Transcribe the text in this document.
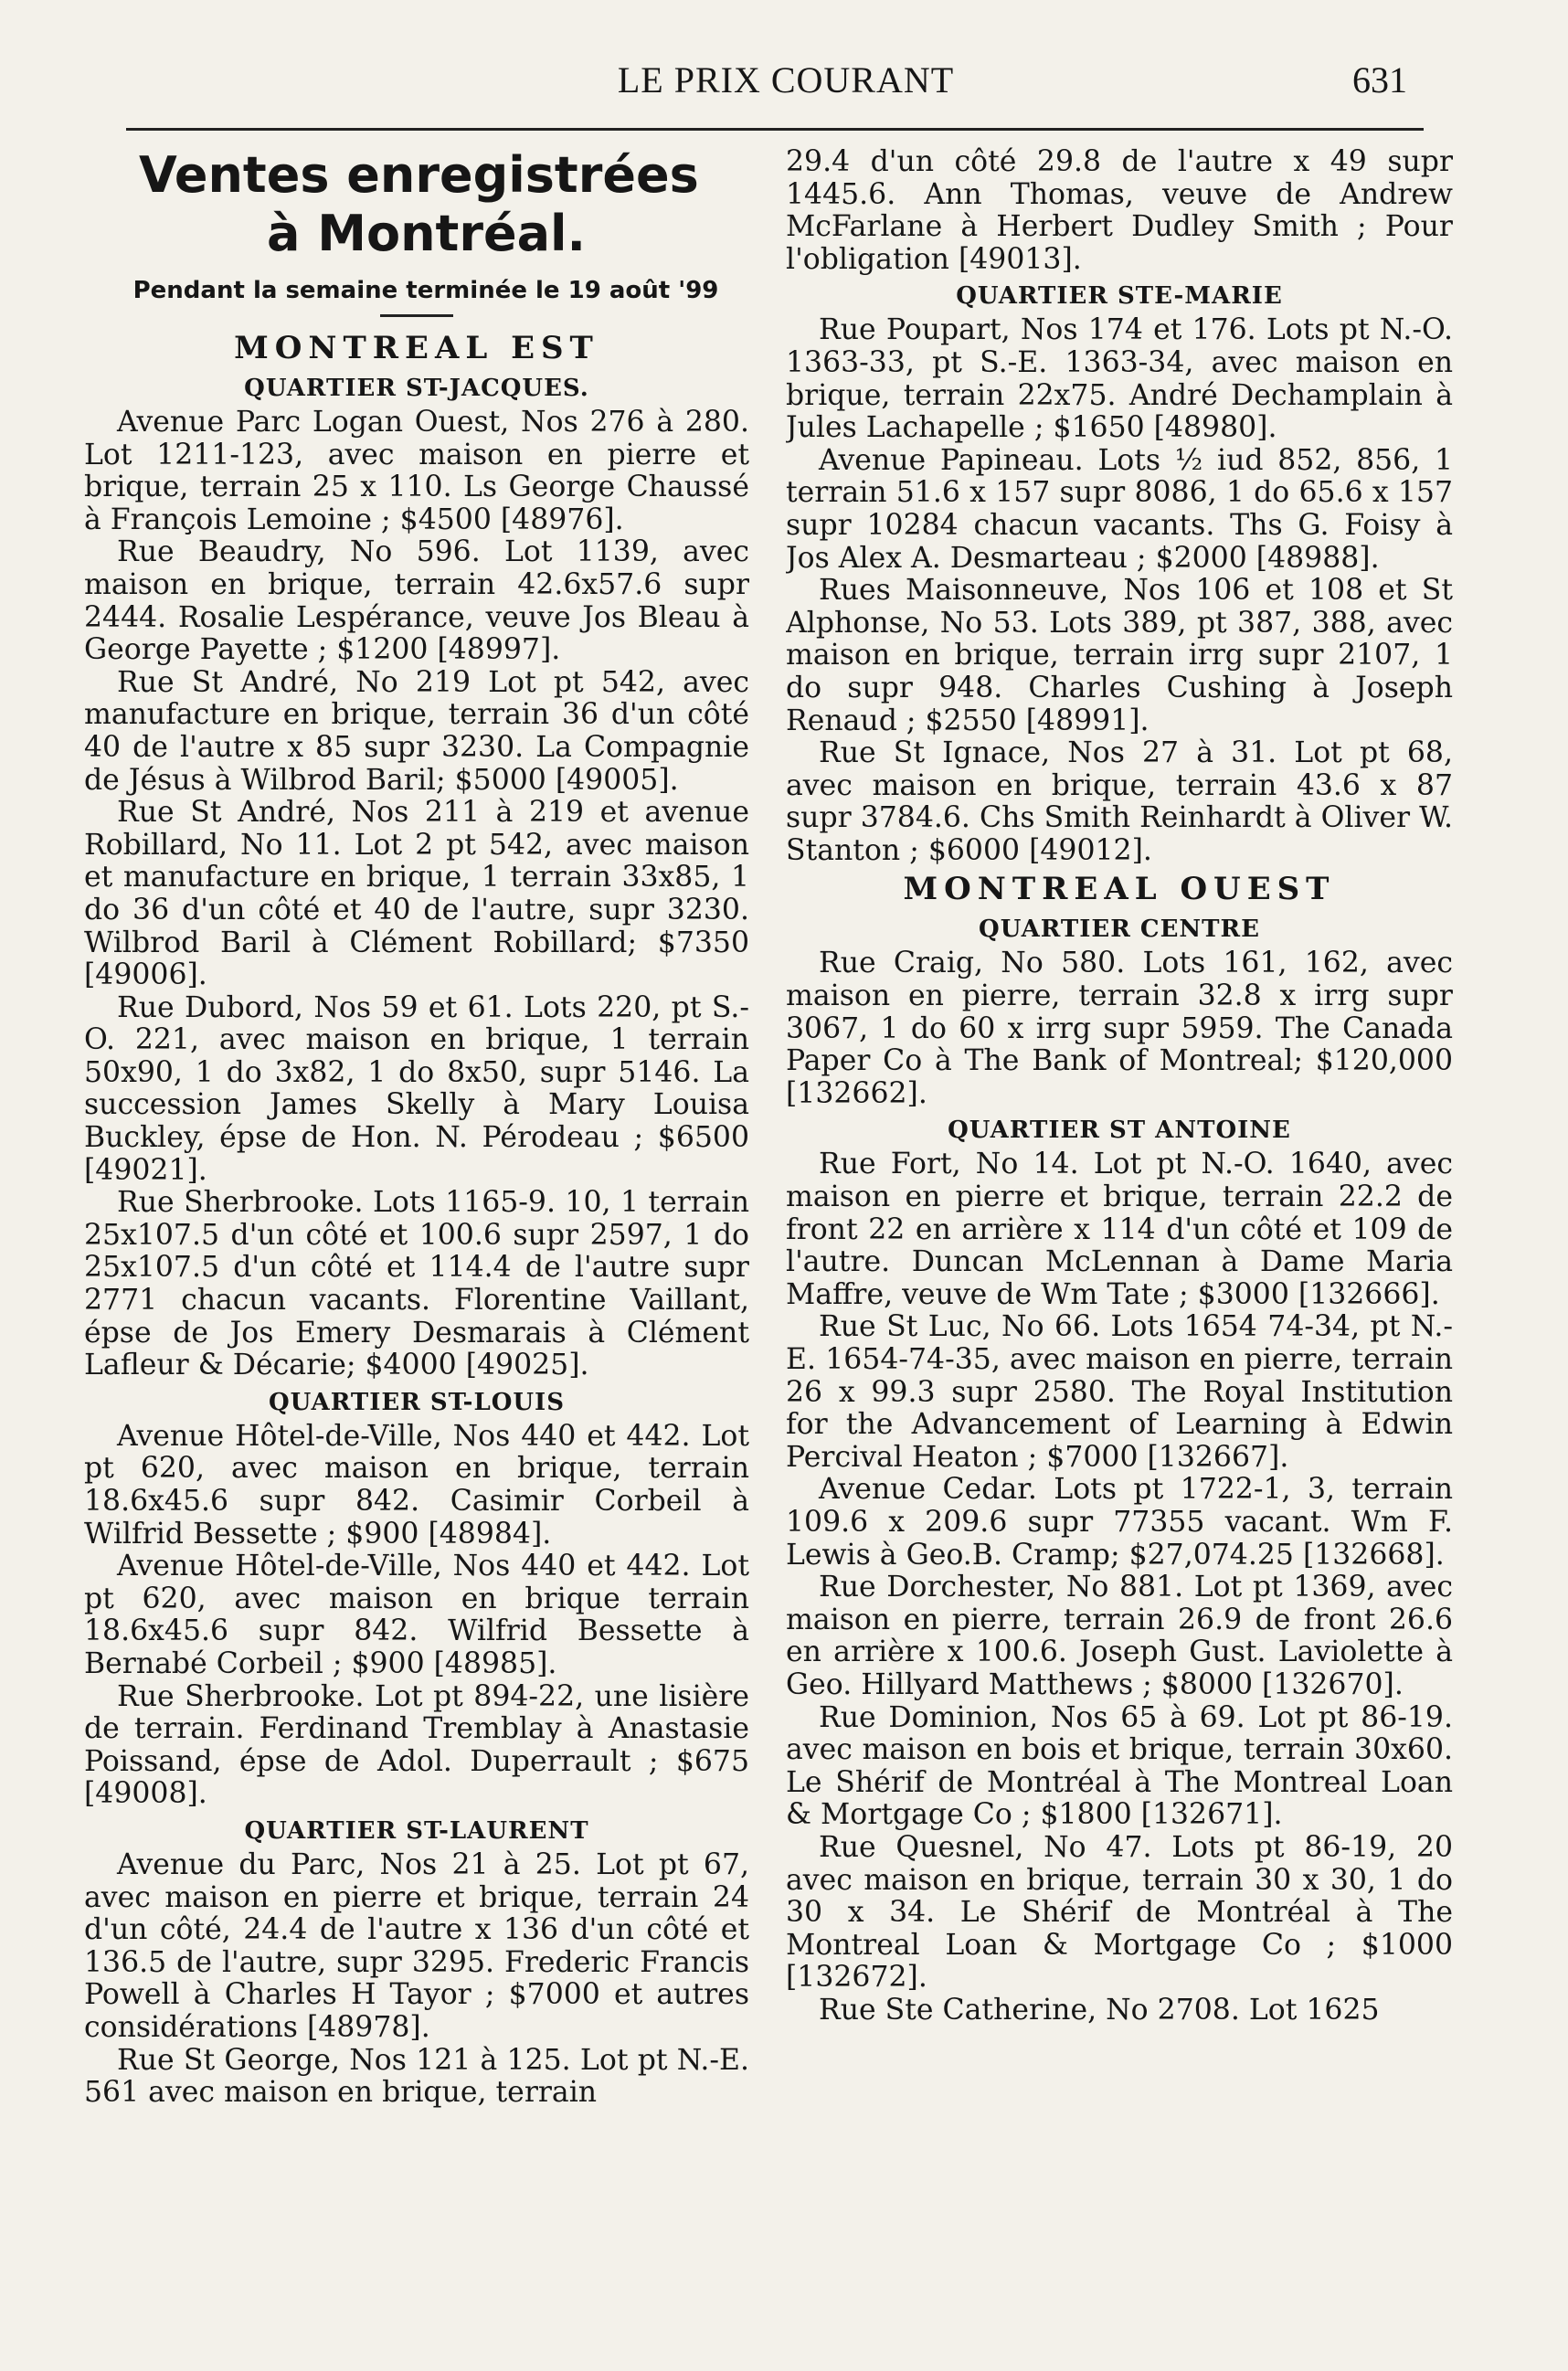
LE PRIX COURANT	631
Ventes enregistrées
à Montréal.
Pendant la semaine terminée le 19 août '99
MONTREAL EST
QUARTIER ST-JACQUES.

Avenue Parc Logan Ouest, Nos 276 à 280. Lot 1211-123, avec maison en pierre et brique, terrain 25 x 110. Ls George Chaussé à François Lemoine ; $4500 [48976].

Rue Beaudry, No 596. Lot 1139, avec maison en brique, terrain 42.6x57.6 supr 2444. Rosalie Lespérance, veuve Jos Bleau à George Payette ; $1200 [48997].

Rue St André, No 219 Lot pt 542, avec manufacture en brique, terrain 36 d'un côté 40 de l'autre x 85 supr 3230. La Compagnie de Jésus à Wilbrod Baril; $5000 [49005].

Rue St André, Nos 211 à 219 et avenue Robillard, No 11. Lot 2 pt 542, avec maison et manufacture en brique, 1 terrain 33x85, 1 do 36 d'un côté et 40 de l'autre, supr 3230. Wilbrod Baril à Clément Robillard; $7350 [49006].

Rue Dubord, Nos 59 et 61. Lots 220, pt S.-O. 221, avec maison en brique, 1 terrain 50x90, 1 do 3x82, 1 do 8x50, supr 5146. La succession James Skelly à Mary Louisa Buckley, épse de Hon. N. Pérodeau ; $6500 [49021].

Rue Sherbrooke. Lots 1165-9. 10, 1 terrain 25x107.5 d'un côté et 100.6 supr 2597, 1 do 25x107.5 d'un côté et 114.4 de l'autre supr 2771 chacun vacants. Florentine Vaillant, épse de Jos Emery Desmarais à Clément Lafleur & Décarie; $4000 [49025].

QUARTIER ST-LOUIS

Avenue Hôtel-de-Ville, Nos 440 et 442. Lot pt 620, avec maison en brique, terrain 18.6x45.6 supr 842. Casimir Corbeil à Wilfrid Bessette ; $900 [48984].

Avenue Hôtel-de-Ville, Nos 440 et 442. Lot pt 620, avec maison en brique terrain 18.6x45.6 supr 842. Wilfrid Bessette à Bernabé Corbeil ; $900 [48985].

Rue Sherbrooke. Lot pt 894-22, une lisière de terrain. Ferdinand Tremblay à Anastasie Poissand, épse de Adol. Duperrault ; $675 [49008].

QUARTIER ST-LAURENT

Avenue du Parc, Nos 21 à 25. Lot pt 67, avec maison en pierre et brique, terrain 24 d'un côté, 24.4 de l'autre x 136 d'un côté et 136.5 de l'autre, supr 3295. Frederic Francis Powell à Charles H Tayor ; $7000 et autres considérations [48978].

Rue St George, Nos 121 à 125. Lot pt N.-E. 561 avec maison en brique, terrain

29.4 d'un côté 29.8 de l'autre x 49 supr 1445.6. Ann Thomas, veuve de Andrew McFarlane à Herbert Dudley Smith ; Pour l'obligation [49013].

QUARTIER STE-MARIE

Rue Poupart, Nos 174 et 176. Lots pt N.-O. 1363-33, pt S.-E. 1363-34, avec maison en brique, terrain 22x75. André Dechamplain à Jules Lachapelle ; $1650 [48980].

Avenue Papineau. Lots ½ iud 852, 856, 1 terrain 51.6 x 157 supr 8086, 1 do 65.6 x 157 supr 10284 chacun vacants. Ths G. Foisy à Jos Alex A. Desmarteau ; $2000 [48988].

Rues Maisonneuve, Nos 106 et 108 et St Alphonse, No 53. Lots 389, pt 387, 388, avec maison en brique, terrain irrg supr 2107, 1 do supr 948. Charles Cushing à Joseph Renaud ; $2550 [48991].

Rue St Ignace, Nos 27 à 31. Lot pt 68, avec maison en brique, terrain 43.6 x 87 supr 3784.6. Chs Smith Reinhardt à Oliver W. Stanton ; $6000 [49012].

MONTREAL OUEST
QUARTIER CENTRE

Rue Craig, No 580. Lots 161, 162, avec maison en pierre, terrain 32.8 x irrg supr 3067, 1 do 60 x irrg supr 5959. The Canada Paper Co à The Bank of Montreal; $120,000 [132662].

QUARTIER ST ANTOINE

Rue Fort, No 14. Lot pt N.-O. 1640, avec maison en pierre et brique, terrain 22.2 de front 22 en arrière x 114 d'un côté et 109 de l'autre. Duncan McLennan à Dame Maria Maffre, veuve de Wm Tate ; $3000 [132666].

Rue St Luc, No 66. Lots 1654 74-34, pt N.-E. 1654-74-35, avec maison en pierre, terrain 26 x 99.3 supr 2580. The Royal Institution for the Advancement of Learning à Edwin Percival Heaton ; $7000 [132667].

Avenue Cedar. Lots pt 1722-1, 3, terrain 109.6 x 209.6 supr 77355 vacant. Wm F. Lewis à Geo.B. Cramp; $27,074.25 [132668].

Rue Dorchester, No 881. Lot pt 1369, avec maison en pierre, terrain 26.9 de front 26.6 en arrière x 100.6. Joseph Gust. Laviolette à Geo. Hillyard Matthews ; $8000 [132670].

Rue Dominion, Nos 65 à 69. Lot pt 86-19. avec maison en bois et brique, terrain 30x60. Le Shérif de Montréal à The Montreal Loan & Mortgage Co ; $1800 [132671].

Rue Quesnel, No 47. Lots pt 86-19, 20 avec maison en brique, terrain 30 x 30, 1 do 30 x 34. Le Shérif de Montréal à The Montreal Loan & Mortgage Co ; $1000 [132672].

Rue Ste Catherine, No 2708. Lot 1625
